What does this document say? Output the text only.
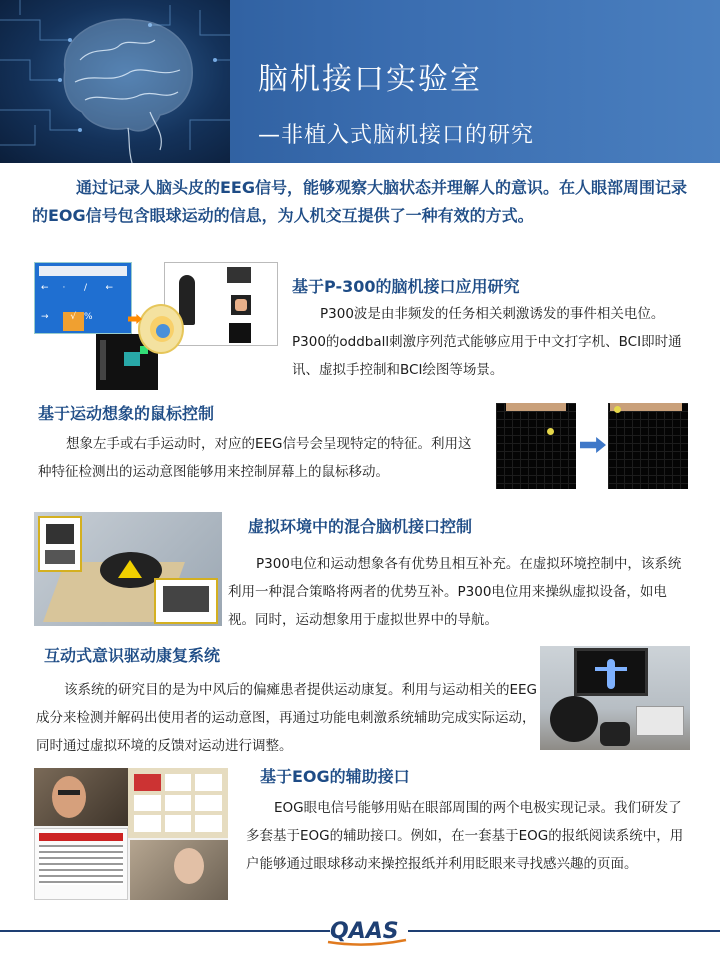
脑机接口实验室
—非植入式脑机接口的研究
通过记录人脑头皮的EEG信号，能够观察大脑状态并理解人的意识。在人眼部周围记录的EOG信号包含眼球运动的信息，为人机交互提供了一种有效的方式。
←	·	/	←
→	√ %
基于P-300的脑机接口应用研究
P300波是由非频发的任务相关刺激诱发的事件相关电位。P300的oddball刺激序列范式能够应用于中文打字机、BCI即时通讯、虚拟手控制和BCI绘图等场景。
基于运动想象的鼠标控制
想象左手或右手运动时，对应的EEG信号会呈现特定的特征。利用这种特征检测出的运动意图能够用来控制屏幕上的鼠标移动。
虚拟环境中的混合脑机接口控制
P300电位和运动想象各有优势且相互补充。在虚拟环境控制中，该系统利用一种混合策略将两者的优势互补。P300电位用来操纵虚拟设备，如电视。同时，运动想象用于虚拟世界中的导航。
互动式意识驱动康复系统
该系统的研究目的是为中风后的偏瘫患者提供运动康复。利用与运动相关的EEG成分来检测并解码出使用者的运动意图，再通过功能电刺激系统辅助完成实际运动，同时通过虚拟环境的反馈对运动进行调整。
基于EOG的辅助接口
EOG眼电信号能够用贴在眼部周围的两个电极实现记录。我们研发了多套基于EOG的辅助接口。例如，在一套基于EOG的报纸阅读系统中，用户能够通过眼球移动来操控报纸并利用眨眼来寻找感兴趣的页面。
QAAS
